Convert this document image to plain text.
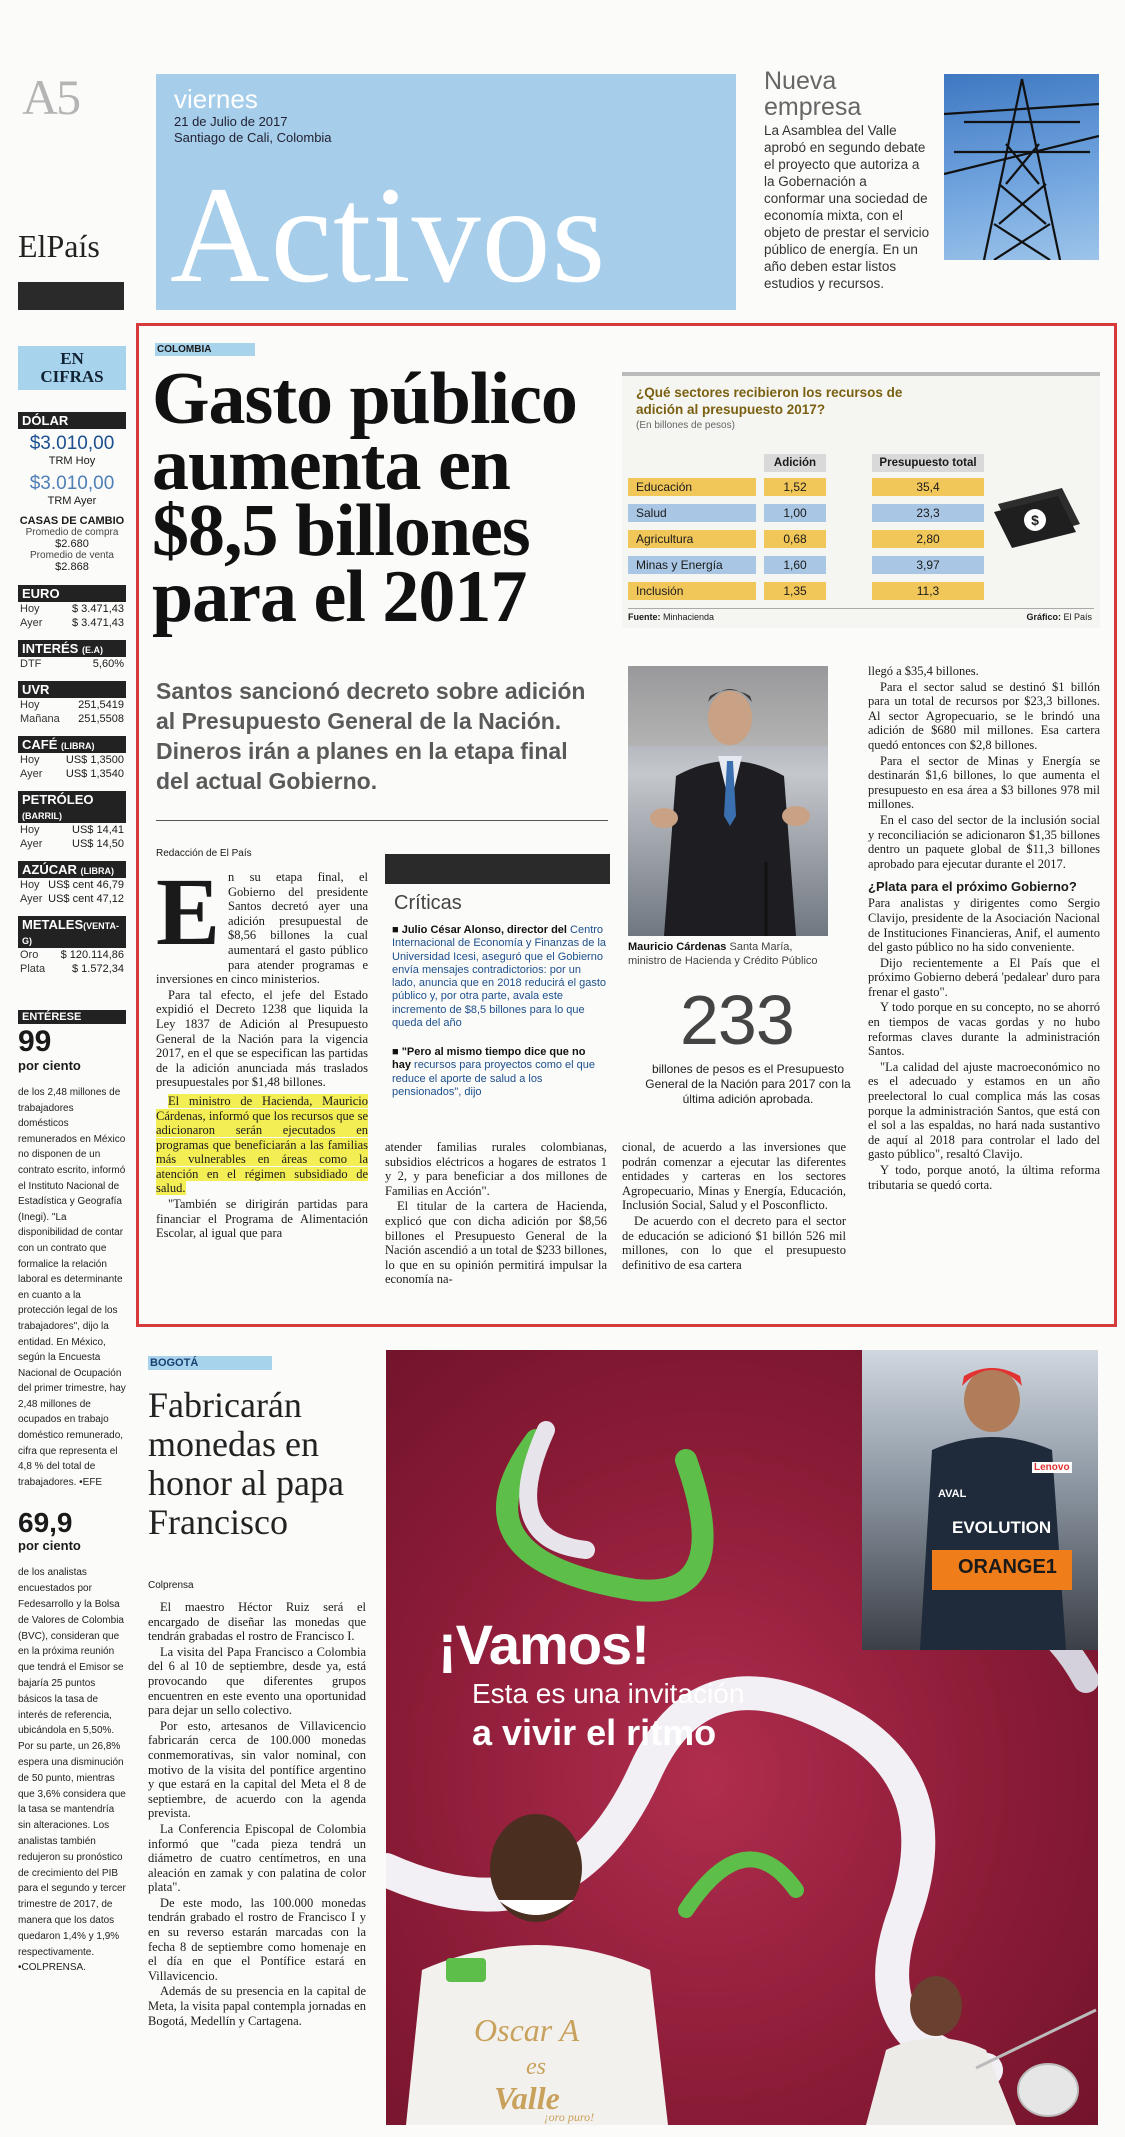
A5
ElPaís
viernes
21 de Julio de 2017
Santiago de Cali, Colombia
Activos
Nueva
empresa
La Asamblea del Valle aprobó en segundo debate el proyecto que autoriza a la Gobernación a conformar una sociedad de economía mixta, con el objeto de prestar el servicio público de energía. En un año deben estar listos estudios y recursos.
EN
CIFRAS
DÓLAR
$3.010,00
TRM Hoy
$3.010,00
TRM Ayer
CASAS DE CAMBIO
Promedio de compra
$2.680
Promedio de venta
$2.868
EURO
Hoy	$ 3.471,43
Ayer	$ 3.471,43
INTERÉS (E.A)
DTF	5,60%
UVR
Hoy	251,5419
Mañana 251,5508
CAFÉ (LIBRA)
Hoy US$ 1,3500
Ayer US$ 1,3540
PETRÓLEO (BARRIL)
Hoy	US$ 14,41
Ayer	US$ 14,50
AZÚCAR (LIBRA)
Hoy US$ cent 46,79
Ayer US$ cent 47,12
METALES(VENTA-G)
Oro $ 120.114,86
Plata $ 1.572,34
ENTÉRESE
99
por ciento
de los 2,48 millones de trabajadores domésticos remunerados en México no disponen de un contrato escrito, informó el Instituto Nacional de Estadística y Geografía (Inegi). "La disponibilidad de contar con un contrato que formalice la relación laboral es determinante en cuanto a la protección legal de los trabajadores", dijo la entidad. En México, según la Encuesta Nacional de Ocupación del primer trimestre, hay 2,48 millones de ocupados en trabajo doméstico remunerado, cifra que representa el 4,8 % del total de trabajadores. •EFE
69,9
por ciento
de los analistas encuestados por Fedesarrollo y la Bolsa de Valores de Colombia (BVC), consideran que en la próxima reunión que tendrá el Emisor se bajaría 25 puntos básicos la tasa de interés de referencia, ubicándola en 5,50%. Por su parte, un 26,8% espera una disminución de 50 punto, mientras que 3,6% considera que la tasa se mantendría sin alteraciones. Los analistas también redujeron su pronóstico de crecimiento del PIB para el segundo y tercer trimestre de 2017, de manera que los datos quedaron 1,4% y 1,9% respectivamente. •COLPRENSA.
COLOMBIA
Gasto público
aumenta en
$8,5 billones
para el 2017
Santos sancionó decreto sobre adición al Presupuesto General de la Nación. Dineros irán a planes en la etapa final del actual Gobierno.
¿Qué sectores recibieron los recursos de adición al presupuesto 2017?
(En billones de pesos)
Adición	Presupuesto total
Educación	1,52	35,4
Salud	1,00	23,3
Agricultura	0,68	2,80
Minas y Energía	1,60	3,97
Inclusión	1,35	11,3
$
Fuente: Minhacienda	Gráfico: El País
Mauricio Cárdenas Santa María, ministro de Hacienda y Crédito Público
233
billones de pesos es el Presupuesto General de la Nación para 2017 con la última adición aprobada.
Críticas
■ Julio César Alonso, director del Centro Internacional de Economía y Finanzas de la Universidad Icesi, aseguró que el Gobierno envía mensajes contradictorios: por un lado, anuncia que en 2018 reducirá el gasto público y, por otra parte, avala este incremento de $8,5 billones para lo que queda del año
■ "Pero al mismo tiempo dice que no hay recursos para proyectos como el que reduce el aporte de salud a los pensionados", dijo
Redacción de El País
E n su etapa final, el Gobierno del presidente Santos decretó ayer una adición presupuestal de $8,56 billones la cual aumentará el gasto público para atender programas e inversiones en cinco ministerios.

Para tal efecto, el jefe del Estado expidió el Decreto 1238 que liquida la Ley 1837 de Adición al Presupuesto General de la Nación para la vigencia 2017, en el que se especifican las partidas de la adición anunciada más traslados presupuestales por $1,48 billones.

El ministro de Hacienda, Mauricio Cárdenas, informó que los recursos que se adicionaron serán ejecutados en programas que beneficiarán a las familias más vulnerables en áreas como la atención en el régimen subsidiado de salud.

"También se dirigirán partidas para financiar el Programa de Alimentación Escolar, al igual que para

atender familias rurales colombianas, subsidios eléctricos a hogares de estratos 1 y 2, y para beneficiar a dos millones de Familias en Acción".

El titular de la cartera de Hacienda, explicó que con dicha adición por $8,56 billones el Presupuesto General de la Nación ascendió a un total de $233 billones, lo que en su opinión permitirá impulsar la economía na-

cional, de acuerdo a las inversiones que podrán comenzar a ejecutar las diferentes entidades y carteras en los sectores Agropecuario, Minas y Energía, Educación, Inclusión Social, Salud y el Posconflicto.

De acuerdo con el decreto para el sector de educación se adicionó $1 billón 526 mil millones, con lo que el presupuesto definitivo de esa cartera

llegó a $35,4 billones.

Para el sector salud se destinó $1 billón para un total de recursos por $23,3 billones. Al sector Agropecuario, se le brindó una adición de $680 mil millones. Esa cartera quedó entonces con $2,8 billones.

Para el sector de Minas y Energía se destinarán $1,6 billones, lo que aumenta el presupuesto en esa área a $3 billones 978 mil millones.

En el caso del sector de la inclusión social y reconciliación se adicionaron $1,35 billones dentro un paquete global de $11,3 billones aprobado para ejecutar durante el 2017.

¿Plata para el próximo Gobierno?

Para analistas y dirigentes como Sergio Clavijo, presidente de la Asociación Nacional de Instituciones Financieras, Anif, el aumento del gasto público no ha sido conveniente.

Dijo recientemente a El País que el próximo Gobierno deberá 'pedalear' duro para frenar el gasto".

Y todo porque en su concepto, no se ahorró en tiempos de vacas gordas y no hubo reformas claves durante la administración Santos.

"La calidad del ajuste macroeconómico no es el adecuado y estamos en un año preelectoral lo cual complica más las cosas porque la administración Santos, que está con el sol a las espaldas, no hará nada sustantivo de aquí al 2018 para controlar el lado del gasto público", resaltó Clavijo.

Y todo, porque anotó, la última reforma tributaria se quedó corta.

BOGOTÁ
Fabricarán
monedas en
honor al papa
Francisco
Colprensa

El maestro Héctor Ruiz será el encargado de diseñar las monedas que tendrán grabadas el rostro de Francisco I.

La visita del Papa Francisco a Colombia del 6 al 10 de septiembre, desde ya, está provocando que diferentes grupos encuentren en este evento una oportunidad para dejar un sello colectivo.

Por esto, artesanos de Villavicencio fabricarán cerca de 100.000 monedas conmemorativas, sin valor nominal, con motivo de la visita del pontífice argentino y que estará en la capital del Meta el 8 de septiembre, de acuerdo con la agenda prevista.

La Conferencia Episcopal de Colombia informó que "cada pieza tendrá un diámetro de cuatro centímetros, en una aleación en zamak y con palatina de color plata".

De este modo, las 100.000 monedas tendrán grabado el rostro de Francisco I y en su reverso estarán marcadas con la fecha 8 de septiembre como homenaje en el día en que el Pontífice estará en Villavicencio.

Además de su presencia en la capital de Meta, la visita papal contempla jornadas en Bogotá, Medellín y Cartagena.

EVOLUTION
ORANGE1
AVAL
Lenovo
¡Vamos!
Esta es una invitación
a vivir el ritmo
Oscar A
es
Valle
¡oro puro!
